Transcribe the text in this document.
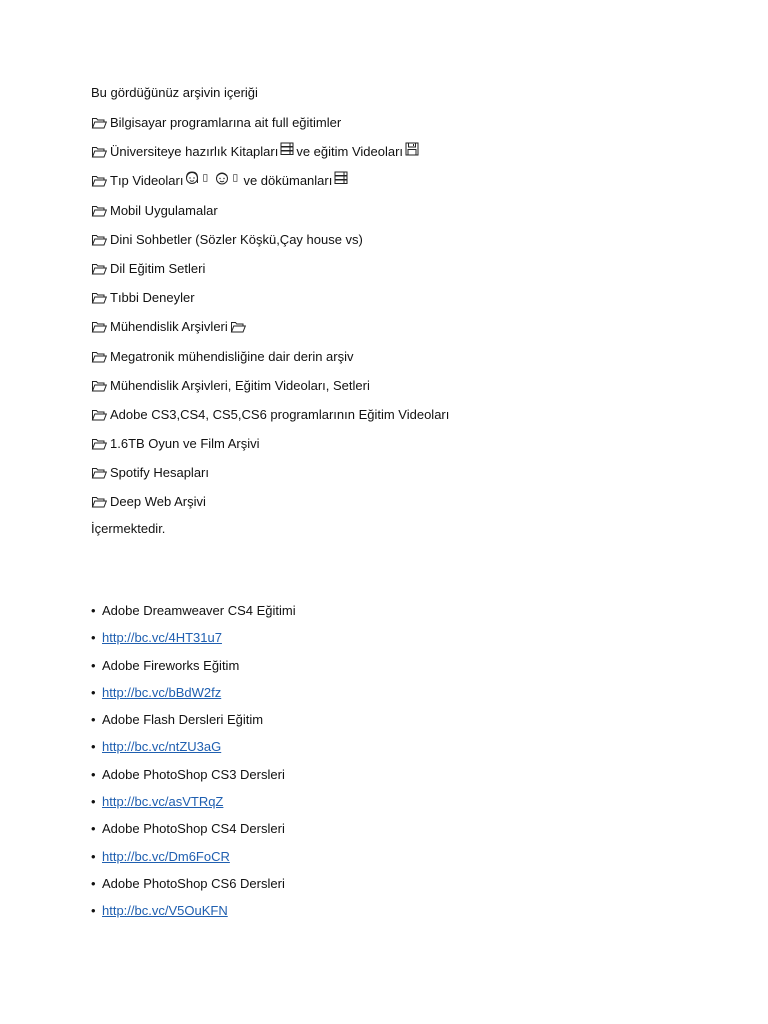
Bu gördüğünüz arşivin içeriği
Bilgisayar programlarına ait full eğitimler
Üniversiteye hazırlık Kitapları ve eğitim Videoları
Tıp Videoları	ve dökümanları
Mobil Uygulamalar
Dini Sohbetler (Sözler Köşkü,Çay house vs)
Dil Eğitim Setleri
Tıbbi Deneyler
Mühendislik Arşivleri
Megatronik mühendisliğine dair derin arşiv
Mühendislik Arşivleri, Eğitim Videoları, Setleri
Adobe CS3,CS4, CS5,CS6 programlarının Eğitim Videoları
1.6TB Oyun ve Film Arşivi
Spotify Hesapları
Deep Web Arşivi
İçermektedir.
• Adobe Dreamweaver CS4 Eğitimi
• http://bc.vc/4HT31u7
• Adobe Fireworks Eğitim
• http://bc.vc/bBdW2fz
• Adobe Flash Dersleri Eğitim
• http://bc.vc/ntZU3aG
• Adobe PhotoShop CS3 Dersleri
• http://bc.vc/asVTRqZ
• Adobe PhotoShop CS4 Dersleri
• http://bc.vc/Dm6FoCR
• Adobe PhotoShop CS6 Dersleri
• http://bc.vc/V5OuKFN
